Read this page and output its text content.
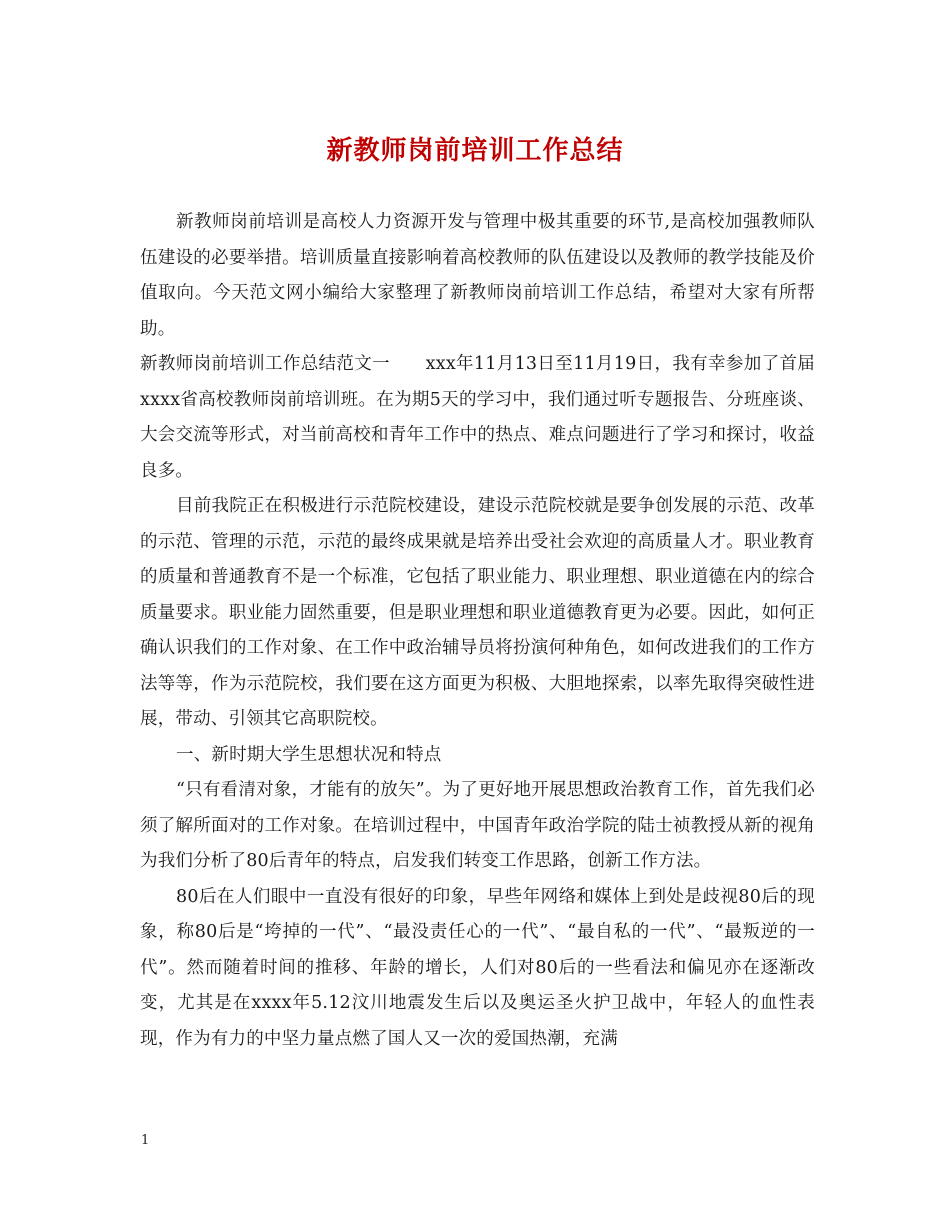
新教师岗前培训工作总结

新教师岗前培训是高校人力资源开发与管理中极其重要的环节,是高校加强教师队伍建设的必要举措。培训质量直接影响着高校教师的队伍建设以及教师的教学技能及价值取向。今天范文网小编给大家整理了新教师岗前培训工作总结，希望对大家有所帮助。

新教师岗前培训工作总结范文一　　xxx年11月13日至11月19日，我有幸参加了首届xxxx省高校教师岗前培训班。在为期5天的学习中，我们通过听专题报告、分班座谈、大会交流等形式，对当前高校和青年工作中的热点、难点问题进行了学习和探讨，收益良多。

目前我院正在积极进行示范院校建设，建设示范院校就是要争创发展的示范、改革的示范、管理的示范，示范的最终成果就是培养出受社会欢迎的高质量人才。职业教育的质量和普通教育不是一个标准，它包括了职业能力、职业理想、职业道德在内的综合质量要求。职业能力固然重要，但是职业理想和职业道德教育更为必要。因此，如何正确认识我们的工作对象、在工作中政治辅导员将扮演何种角色，如何改进我们的工作方法等等，作为示范院校，我们要在这方面更为积极、大胆地探索，以率先取得突破性进展，带动、引领其它高职院校。

一、新时期大学生思想状况和特点

“只有看清对象，才能有的放矢”。为了更好地开展思想政治教育工作，首先我们必须了解所面对的工作对象。在培训过程中，中国青年政治学院的陆士祯教授从新的视角为我们分析了80后青年的特点，启发我们转变工作思路，创新工作方法。

80后在人们眼中一直没有很好的印象，早些年网络和媒体上到处是歧视80后的现象，称80后是“垮掉的一代”、“最没责任心的一代”、“最自私的一代”、“最叛逆的一代”。然而随着时间的推移、年龄的增长，人们对80后的一些看法和偏见亦在逐渐改变，尤其是在xxxx年5.12汶川地震发生后以及奥运圣火护卫战中，年轻人的血性表现，作为有力的中坚力量点燃了国人又一次的爱国热潮，充满

1
